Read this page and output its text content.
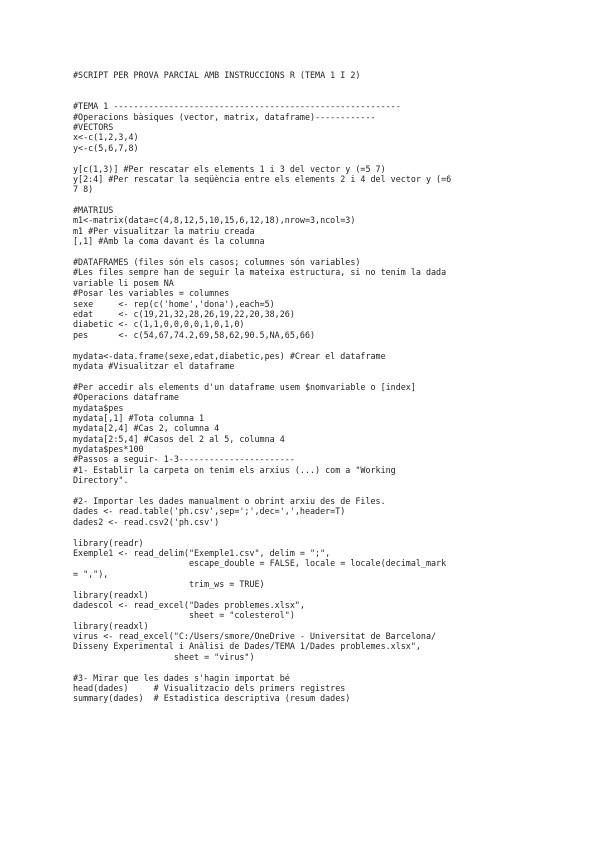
#SCRIPT PER PROVA PARCIAL AMB INSTRUCCIONS R (TEMA 1 I 2)
#TEMA 1 ---------------------------------------------------------
#Operacions bàsiques (vector, matrix, dataframe)------------
#VECTORS
x<-c(1,2,3,4)
y<-c(5,6,7,8)
y[c(1,3)] #Per rescatar els elements 1 i 3 del vector y (=5 7)
y[2:4] #Per rescatar la seqüència entre els elements 2 i 4 del vector y (=6
7 8)
#MATRIUS
m1<-matrix(data=c(4,8,12,5,10,15,6,12,18),nrow=3,ncol=3)
m1 #Per visualitzar la matriu creada
[,1] #Amb la coma davant és la columna
#DATAFRAMES (files són els casos; columnes són variables)
#Les files sempre han de seguir la mateixa estructura, si no tenim la dada
variable li posem NA
#Posar les variables = columnes
sexe     <- rep(c('home','dona'),each=5)
edat     <- c(19,21,32,28,26,19,22,20,38,26)
diabetic <- c(1,1,0,0,0,0,1,0,1,0)
pes      <- c(54,67,74.2,69,58,62,90.5,NA,65,66)
mydata<-data.frame(sexe,edat,diabetic,pes) #Crear el dataframe
mydata #Visualitzar el dataframe
#Per accedir als elements d'un dataframe usem $nomvariable o [index]
#Operacions dataframe
mydata$pes
mydata[,1] #Tota columna 1
mydata[2,4] #Cas 2, columna 4
mydata[2:5,4] #Casos del 2 al 5, columna 4
mydata$pes*100
#Passos a seguir- 1-3-----------------------
#1- Establir la carpeta on tenim els arxius (...) com a "Working
Directory".
#2- Importar les dades manualment o obrint arxiu des de Files.
dades <- read.table('ph.csv',sep=';',dec=',',header=T)
dades2 <- read.csv2('ph.csv')
library(readr)
Exemple1 <- read_delim("Exemple1.csv", delim = ";",
escape_double = FALSE, locale = locale(decimal_mark
= ","),
trim_ws = TRUE)
library(readxl)
dadescol <- read_excel("Dades problemes.xlsx",
sheet = "colesterol")
library(readxl)
virus <- read_excel("C:/Users/smore/OneDrive - Universitat de Barcelona/
Disseny Experimental i Anàlisi de Dades/TEMA 1/Dades problemes.xlsx",
sheet = "virus")
#3- Mirar que les dades s'hagin importat bé
head(dades)     # Visualitzacio dels primers registres
summary(dades)  # Estadistica descriptiva (resum dades)
